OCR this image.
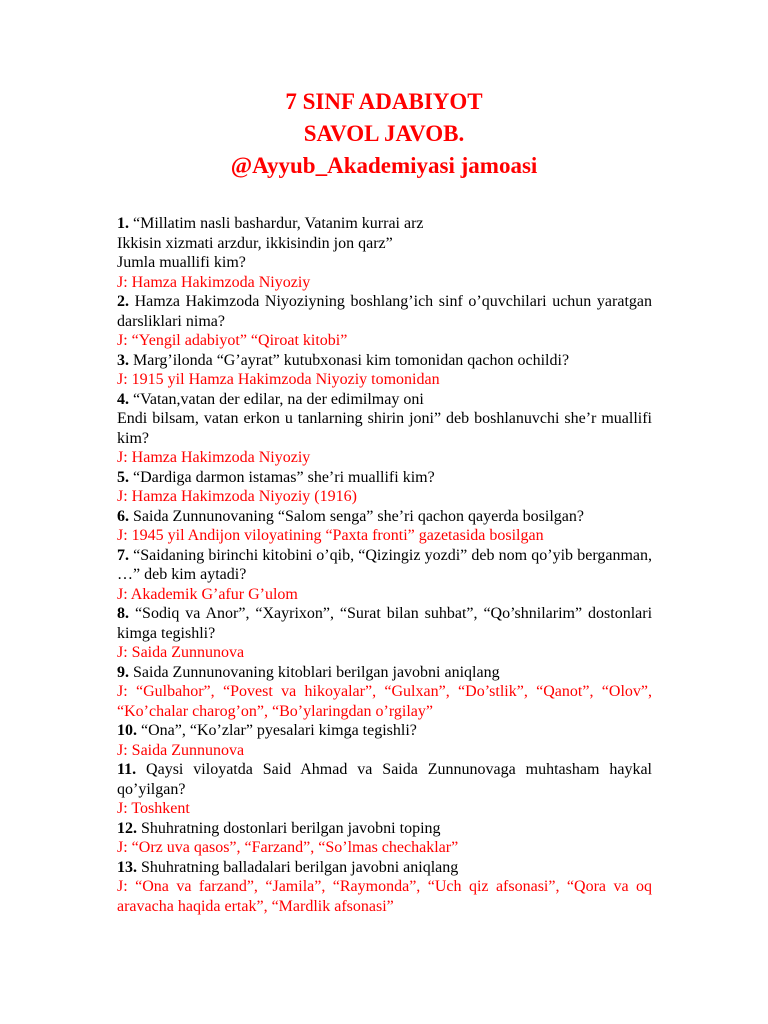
7 SINF ADABIYOT
SAVOL JAVOB.
@Ayyub_Akademiyasi jamoasi

1. “Millatim nasli bashardur, Vatanim kurrai arz
Ikkisin xizmati arzdur, ikkisindin jon qarz”
Jumla muallifi kim?

J: Hamza Hakimzoda Niyoziy

2. Hamza Hakimzoda Niyoziyning boshlang’ich sinf o’quvchilari uchun yaratgan darsliklari nima?

J: “Yengil adabiyot” “Qiroat kitobi”

3. Marg’ilonda “G’ayrat” kutubxonasi kim tomonidan qachon ochildi?

J: 1915 yil Hamza Hakimzoda Niyoziy tomonidan

4. “Vatan,vatan der edilar, na der edimilmay oni
Endi bilsam, vatan erkon u tanlarning shirin joni” deb boshlanuvchi she’r muallifi kim?

J: Hamza Hakimzoda Niyoziy

5. “Dardiga darmon istamas” she’ri muallifi kim?

J: Hamza Hakimzoda Niyoziy (1916)

6. Saida Zunnunovaning “Salom senga” she’ri qachon qayerda bosilgan?

J: 1945 yil Andijon viloyatining “Paxta fronti” gazetasida bosilgan

7. “Saidaning birinchi kitobini o’qib, “Qizingiz yozdi” deb nom qo’yib berganman, …” deb kim aytadi?

J: Akademik G’afur G’ulom

8. “Sodiq va Anor”, “Xayrixon”, “Surat bilan suhbat”, “Qo’shnilarim” dostonlari kimga tegishli?

J: Saida Zunnunova

9. Saida Zunnunovaning kitoblari berilgan javobni aniqlang

J: “Gulbahor”, “Povest va hikoyalar”, “Gulxan”, “Do’stlik”, “Qanot”, “Olov”, “Ko’chalar charog’on”, “Bo’ylaringdan o’rgilay”

10. “Ona”, “Ko’zlar” pyesalari kimga tegishli?

J: Saida Zunnunova

11. Qaysi viloyatda Said Ahmad va Saida Zunnunovaga muhtasham haykal qo’yilgan?

J: Toshkent

12. Shuhratning dostonlari berilgan javobni toping

J: “Orz uva qasos”, “Farzand”, “So’lmas chechaklar”

13. Shuhratning balladalari berilgan javobni aniqlang

J: “Ona va farzand”, “Jamila”, “Raymonda”, “Uch qiz afsonasi”, “Qora va oq aravacha haqida ertak”, “Mardlik afsonasi”
